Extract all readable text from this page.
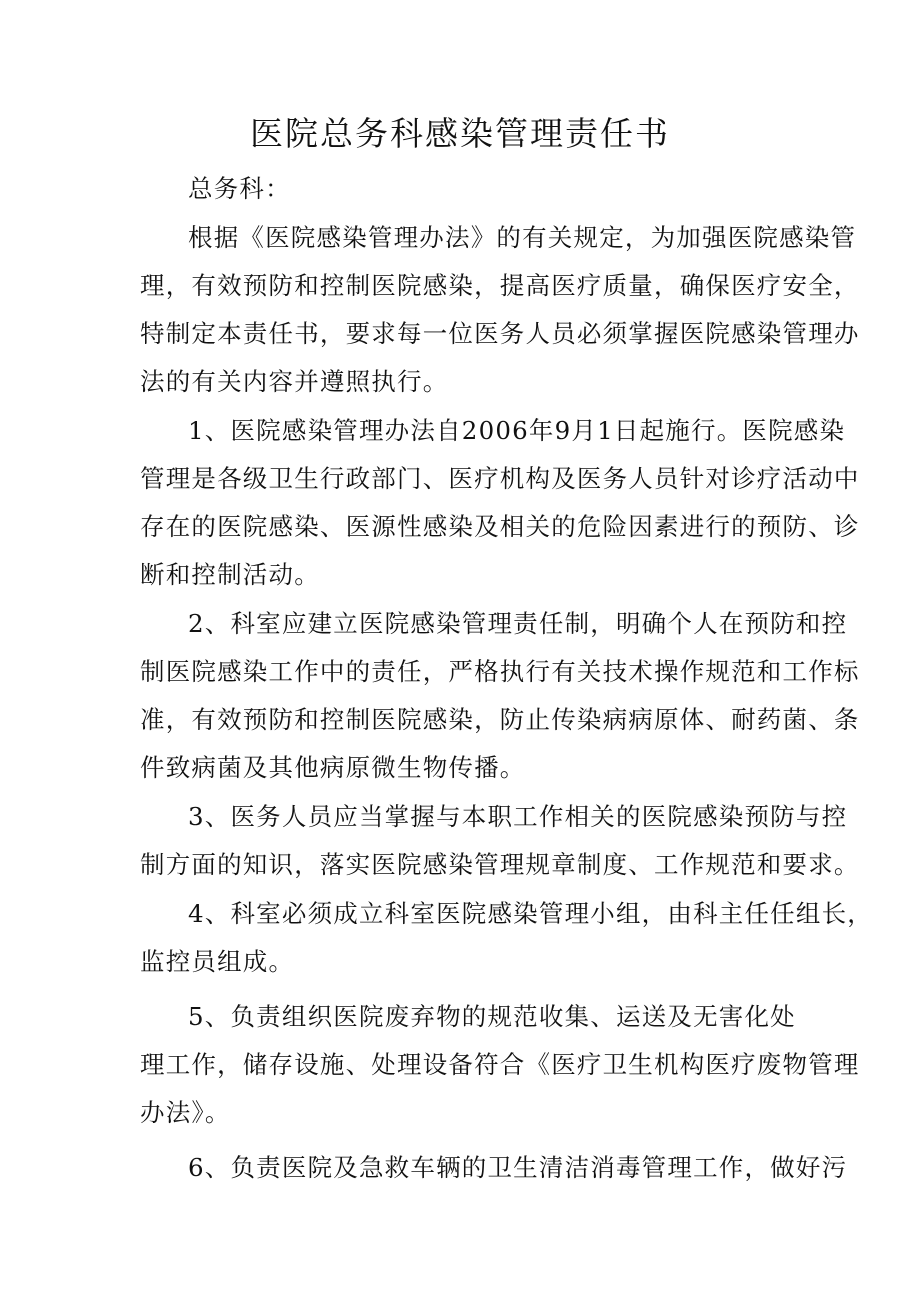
医院总务科感染管理责任书

总务科：

根据《医院感染管理办法》的有关规定，为加强医院感染管

理，有效预防和控制医院感染，提高医疗质量，确保医疗安全，

特制定本责任书，要求每一位医务人员必须掌握医院感染管理办

法的有关内容并遵照执行。

1、医院感染管理办法自2006年9月1日起施行。医院感染

管理是各级卫生行政部门、医疗机构及医务人员针对诊疗活动中

存在的医院感染、医源性感染及相关的危险因素进行的预防、诊

断和控制活动。

2、科室应建立医院感染管理责任制，明确个人在预防和控

制医院感染工作中的责任，严格执行有关技术操作规范和工作标

准，有效预防和控制医院感染，防止传染病病原体、耐药菌、条

件致病菌及其他病原微生物传播。

3、医务人员应当掌握与本职工作相关的医院感染预防与控

制方面的知识，落实医院感染管理规章制度、工作规范和要求。

4、科室必须成立科室医院感染管理小组，由科主任任组长，

监控员组成。

5、负责组织医院废弃物的规范收集、运送及无害化处

理工作，储存设施、处理设备符合《医疗卫生机构医疗废物管理

办法》。

6、负责医院及急救车辆的卫生清洁消毒管理工作，做好污
